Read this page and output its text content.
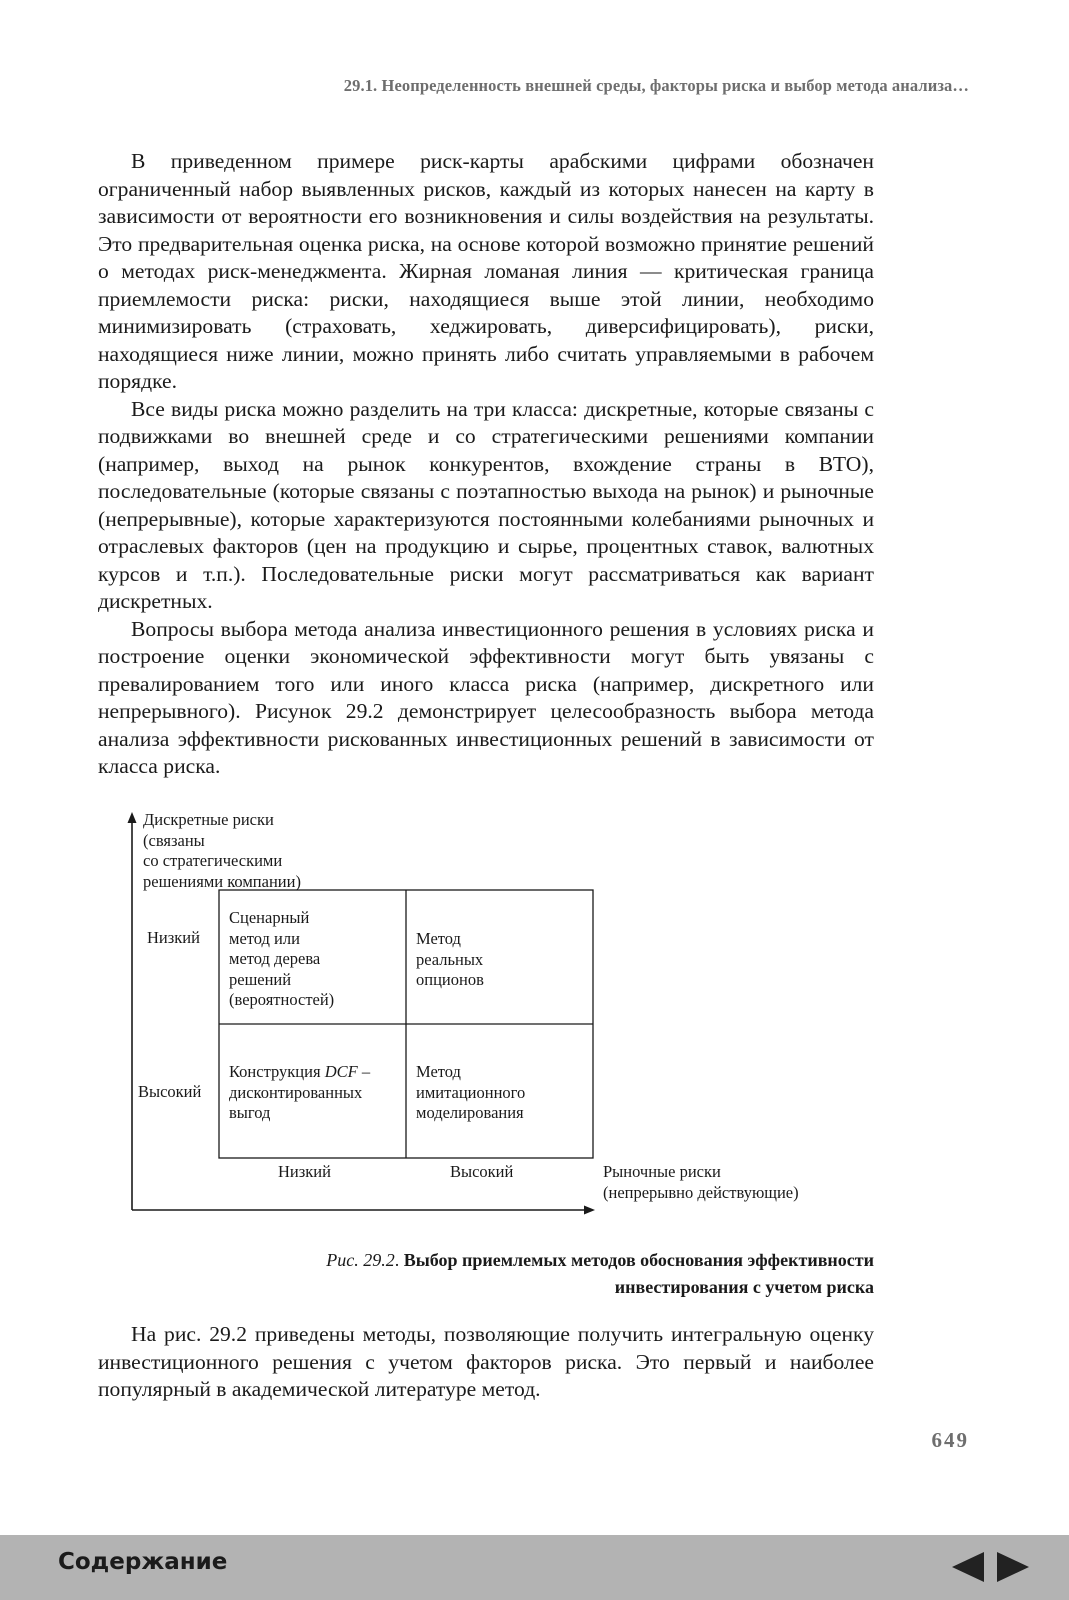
29.1. Неопределенность внешней среды, факторы риска и выбор метода анализа…

В приведенном примере риск-карты арабскими цифрами обозначен ограниченный набор выявленных рисков, каждый из которых нанесен на карту в зависимости от вероятности его возникновения и силы воздействия на результаты. Это предварительная оценка риска, на основе которой возможно принятие решений о методах риск-менеджмента. Жирная ломаная линия — критическая граница приемлемости риска: риски, находящиеся выше этой линии, необходимо минимизировать (страховать, хеджировать, диверсифицировать), риски, находящиеся ниже линии, можно принять либо считать управляемыми в рабочем порядке.

Все виды риска можно разделить на три класса: дискретные, которые связаны с подвижками во внешней среде и со стратегическими решениями компании (например, выход на рынок конкурентов, вхождение страны в ВТО), последовательные (которые связаны с поэтапностью выхода на рынок) и рыночные (непрерывные), которые характеризуются постоянными колебаниями рыночных и отраслевых факторов (цен на продукцию и сырье, процентных ставок, валютных курсов и т.п.). Последовательные риски могут рассматриваться как вариант дискретных.

Вопросы выбора метода анализа инвестиционного решения в условиях риска и построение оценки экономической эффективности могут быть увязаны с превалированием того или иного класса риска (например, дискретного или непрерывного). Рисунок 29.2 демонстрирует целесообразность выбора метода анализа эффективности рискованных инвестиционных решений в зависимости от класса риска.

Дискретные риски
(связаны
со стратегическими
решениями компании)
Низкий
Высокий
Сценарный
метод или
метод дерева
решений
(вероятностей)
Метод
реальных
опционов
Конструкция DCF –
дисконтированных
выгод
Метод
имитационного
моделирования
Низкий	Высокий	Рыночные риски
(непрерывно действующие)
Рис. 29.2. Выбор приемлемых методов обоснования эффективности
инвестирования с учетом риска

На рис. 29.2 приведены методы, позволяющие получить интегральную оценку инвестиционного решения с учетом факторов риска. Это первый и наиболее популярный в академической литературе метод.

649
Содержание
